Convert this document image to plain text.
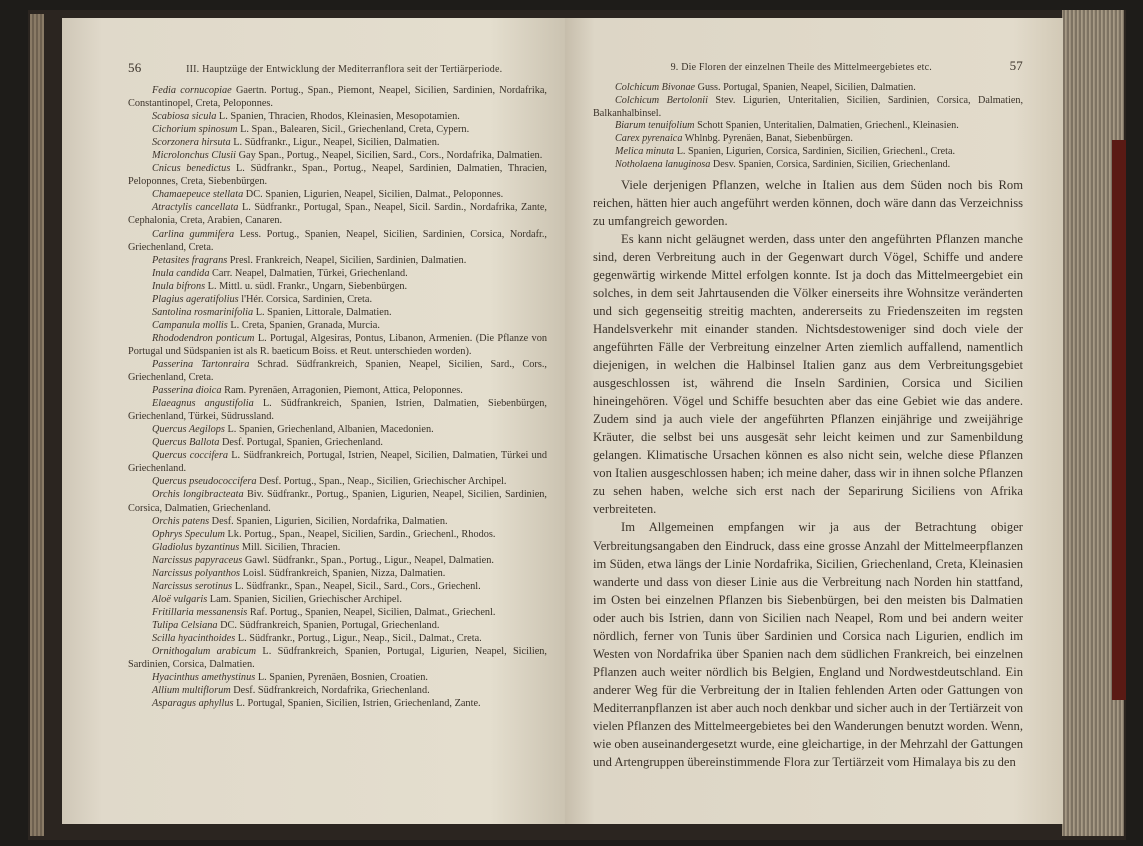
56	III. Hauptzüge der Entwicklung der Mediterranflora seit der Tertiärperiode.

Fedia cornucopiae Gaertn. Portug., Span., Piemont, Neapel, Sicilien, Sardinien, Nordafrika, Constantinopel, Creta, Peloponnes.

Scabiosa sicula L. Spanien, Thracien, Rhodos, Kleinasien, Mesopotamien.

Cichorium spinosum L. Span., Balearen, Sicil., Griechenland, Creta, Cypern.

Scorzonera hirsuta L. Südfrankr., Ligur., Neapel, Sicilien, Dalmatien.

Microlonchus Clusii Gay Span., Portug., Neapel, Sicilien, Sard., Cors., Nordafrika, Dalmatien.

Cnicus benedictus L. Südfrankr., Span., Portug., Neapel, Sardinien, Dalmatien, Thracien, Peloponnes, Creta, Siebenbürgen.

Chamaepeuce stellata DC. Spanien, Ligurien, Neapel, Sicilien, Dalmat., Peloponnes.

Atractylis cancellata L. Südfrankr., Portugal, Span., Neapel, Sicil. Sardin., Nordafrika, Zante, Cephalonia, Creta, Arabien, Canaren.

Carlina gummifera Less. Portug., Spanien, Neapel, Sicilien, Sardinien, Corsica, Nordafr., Griechenland, Creta.

Petasites fragrans Presl. Frankreich, Neapel, Sicilien, Sardinien, Dalmatien.

Inula candida Carr. Neapel, Dalmatien, Türkei, Griechenland.

Inula bifrons L. Mittl. u. südl. Frankr., Ungarn, Siebenbürgen.

Plagius ageratifolius l'Hér. Corsica, Sardinien, Creta.

Santolina rosmarinifolia L. Spanien, Littorale, Dalmatien.

Campanula mollis L. Creta, Spanien, Granada, Murcia.

Rhododendron ponticum L. Portugal, Algesiras, Pontus, Libanon, Armenien. (Die Pflanze von Portugal und Südspanien ist als R. baeticum Boiss. et Reut. unterschieden worden).

Passerina Tartonraira Schrad. Südfrankreich, Spanien, Neapel, Sicilien, Sard., Cors., Griechenland, Creta.

Passerina dioica Ram. Pyrenäen, Arragonien, Piemont, Attica, Peloponnes.

Elaeagnus angustifolia L. Südfrankreich, Spanien, Istrien, Dalmatien, Siebenbürgen, Griechenland, Türkei, Südrussland.

Quercus Aegilops L. Spanien, Griechenland, Albanien, Macedonien.

Quercus Ballota Desf. Portugal, Spanien, Griechenland.

Quercus coccifera L. Südfrankreich, Portugal, Istrien, Neapel, Sicilien, Dalmatien, Türkei und Griechenland.

Quercus pseudococcifera Desf. Portug., Span., Neap., Sicilien, Griechischer Archipel.

Orchis longibracteata Biv. Südfrankr., Portug., Spanien, Ligurien, Neapel, Sicilien, Sardinien, Corsica, Dalmatien, Griechenland.

Orchis patens Desf. Spanien, Ligurien, Sicilien, Nordafrika, Dalmatien.

Ophrys Speculum Lk. Portug., Span., Neapel, Sicilien, Sardin., Griechenl., Rhodos.

Gladiolus byzantinus Mill. Sicilien, Thracien.

Narcissus papyraceus Gawl. Südfrankr., Span., Portug., Ligur., Neapel, Dalmatien.

Narcissus polyanthos Loisl. Südfrankreich, Spanien, Nizza, Dalmatien.

Narcissus serotinus L. Südfrankr., Span., Neapel, Sicil., Sard., Cors., Griechenl.

Aloë vulgaris Lam. Spanien, Sicilien, Griechischer Archipel.

Fritillaria messanensis Raf. Portug., Spanien, Neapel, Sicilien, Dalmat., Griechenl.

Tulipa Celsiana DC. Südfrankreich, Spanien, Portugal, Griechenland.

Scilla hyacinthoides L. Südfrankr., Portug., Ligur., Neap., Sicil., Dalmat., Creta.

Ornithogalum arabicum L. Südfrankreich, Spanien, Portugal, Ligurien, Neapel, Sicilien, Sardinien, Corsica, Dalmatien.

Hyacinthus amethystinus L. Spanien, Pyrenäen, Bosnien, Croatien.

Allium multiflorum Desf. Südfrankreich, Nordafrika, Griechenland.

Asparagus aphyllus L. Portugal, Spanien, Sicilien, Istrien, Griechenland, Zante.

9. Die Floren der einzelnen Theile des Mittelmeergebietes etc.	57

Colchicum Bivonae Guss. Portugal, Spanien, Neapel, Sicilien, Dalmatien.

Colchicum Bertolonii Stev. Ligurien, Unteritalien, Sicilien, Sardinien, Corsica, Dalmatien, Balkanhalbinsel.

Biarum tenuifolium Schott Spanien, Unteritalien, Dalmatien, Griechenl., Kleinasien.

Carex pyrenaica Whlnbg. Pyrenäen, Banat, Siebenbürgen.

Melica minuta L. Spanien, Ligurien, Corsica, Sardinien, Sicilien, Griechenl., Creta.

Notholaena lanuginosa Desv. Spanien, Corsica, Sardinien, Sicilien, Griechenland.

Viele derjenigen Pflanzen, welche in Italien aus dem Süden noch bis Rom reichen, hätten hier auch angeführt werden können, doch wäre dann das Verzeichniss zu umfangreich geworden.

Es kann nicht geläugnet werden, dass unter den angeführten Pflanzen manche sind, deren Verbreitung auch in der Gegenwart durch Vögel, Schiffe und andere gegenwärtig wirkende Mittel erfolgen konnte. Ist ja doch das Mittelmeergebiet ein solches, in dem seit Jahrtausenden die Völker einerseits ihre Wohnsitze veränderten und sich gegenseitig streitig machten, andererseits zu Friedenszeiten im regsten Handelsverkehr mit einander standen. Nichtsdestoweniger sind doch viele der angeführten Fälle der Verbreitung einzelner Arten ziemlich auffallend, namentlich diejenigen, in welchen die Halbinsel Italien ganz aus dem Verbreitungsgebiet ausgeschlossen ist, während die Inseln Sardinien, Corsica und Sicilien hineingehören. Vögel und Schiffe besuchten aber das eine Gebiet wie das andere. Zudem sind ja auch viele der angeführten Pflanzen einjährige und zweijährige Kräuter, die selbst bei uns ausgesät sehr leicht keimen und zur Samenbildung gelangen. Klimatische Ursachen können es also nicht sein, welche diese Pflanzen von Italien ausgeschlossen haben; ich meine daher, dass wir in ihnen solche Pflanzen zu sehen haben, welche sich erst nach der Separirung Siciliens von Afrika verbreiteten.

Im Allgemeinen empfangen wir ja aus der Betrachtung obiger Verbreitungsangaben den Eindruck, dass eine grosse Anzahl der Mittelmeerpflanzen im Süden, etwa längs der Linie Nordafrika, Sicilien, Griechenland, Creta, Kleinasien wanderte und dass von dieser Linie aus die Verbreitung nach Norden hin stattfand, im Osten bei einzelnen Pflanzen bis Siebenbürgen, bei den meisten bis Dalmatien oder auch bis Istrien, dann von Sicilien nach Neapel, Rom und bei andern weiter nördlich, ferner von Tunis über Sardinien und Corsica nach Ligurien, endlich im Westen von Nordafrika über Spanien nach dem südlichen Frankreich, bei einzelnen Pflanzen auch weiter nördlich bis Belgien, England und Nordwestdeutschland. Ein anderer Weg für die Verbreitung der in Italien fehlenden Arten oder Gattungen von Mediterranpflanzen ist aber auch noch denkbar und sicher auch in der Tertiärzeit von vielen Pflanzen des Mittelmeergebietes bei den Wanderungen benutzt worden. Wenn, wie oben auseinandergesetzt wurde, eine gleichartige, in der Mehrzahl der Gattungen und Artengruppen übereinstimmende Flora zur Tertiärzeit vom Himalaya bis zu den
